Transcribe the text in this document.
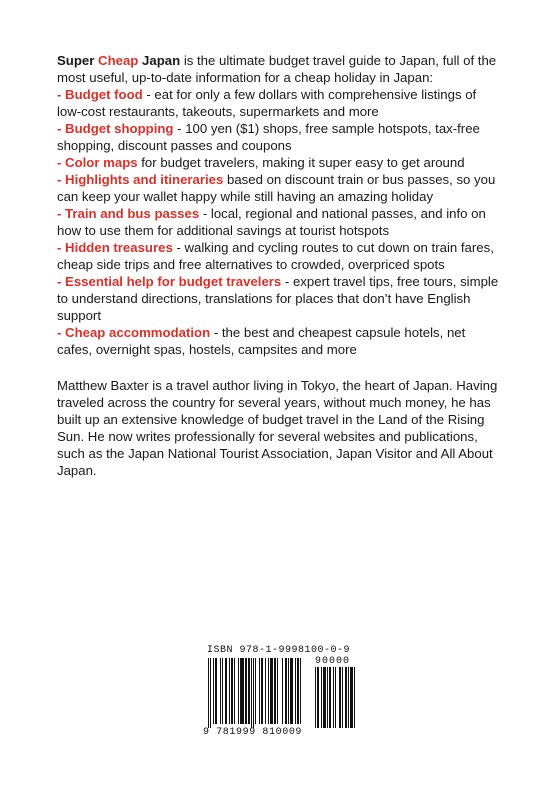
Super Cheap Japan is the ultimate budget travel guide to Japan, full of the most useful, up-to-date information for a cheap holiday in Japan:

- Budget food - eat for only a few dollars with comprehensive listings of low-cost restaurants, takeouts, supermarkets and more

- Budget shopping - 100 yen ($1) shops, free sample hotspots, tax-free shopping, discount passes and coupons

- Color maps for budget travelers, making it super easy to get around

- Highlights and itineraries based on discount train or bus passes, so you can keep your wallet happy while still having an amazing holiday

- Train and bus passes - local, regional and national passes, and info on how to use them for additional savings at tourist hotspots

- Hidden treasures - walking and cycling routes to cut down on train fares, cheap side trips and free alternatives to crowded, overpriced spots

- Essential help for budget travelers - expert travel tips, free tours, simple to understand directions, translations for places that don’t have English support

- Cheap accommodation - the best and cheapest capsule hotels, net cafes, overnight spas, hostels, campsites and more

Matthew Baxter is a travel author living in Tokyo, the heart of Japan. Having traveled across the country for several years, without much money, he has built up an extensive knowledge of budget travel in the Land of the Rising Sun. He now writes professionally for several websites and publications, such as the Japan National Tourist Association, Japan Visitor and All About Japan.

ISBN 978-1-9998100-0-9
90000
9 781999 810009
